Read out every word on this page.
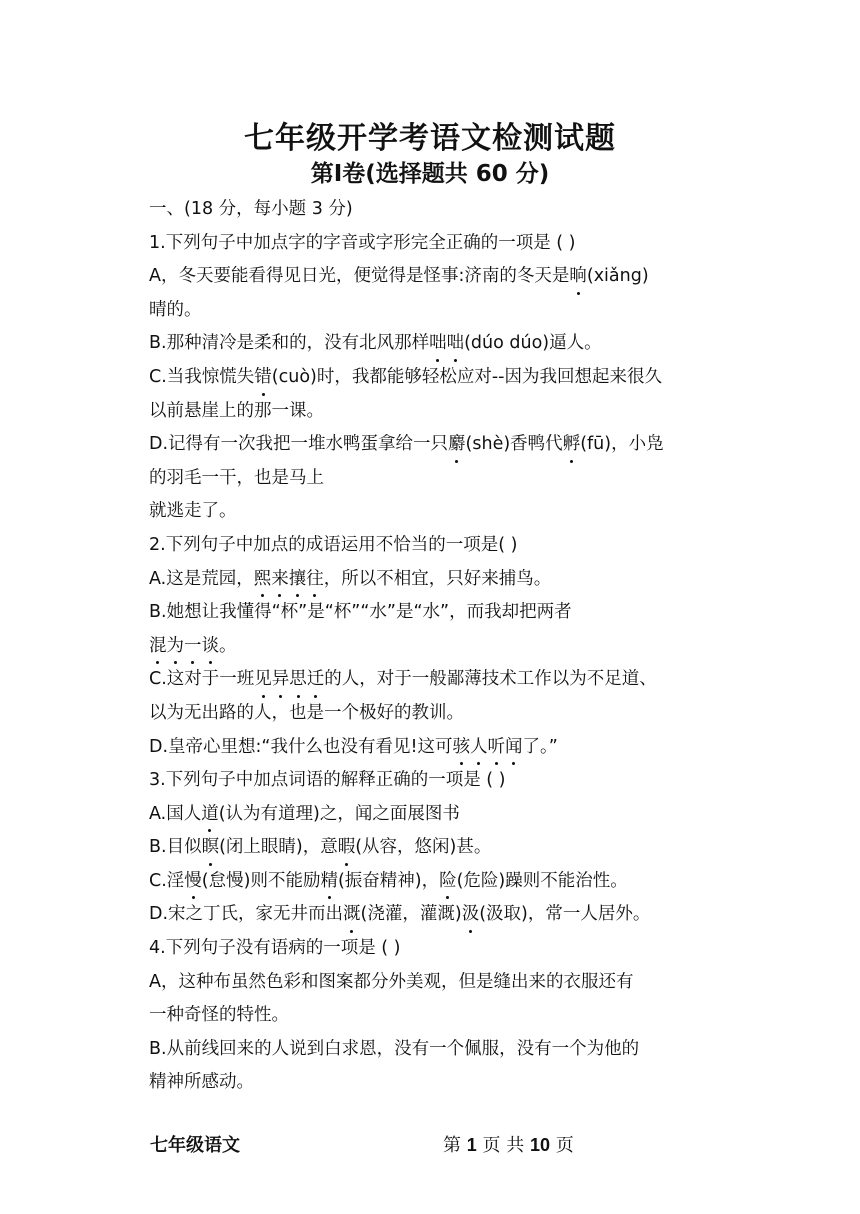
七年级开学考语文检测试题
第Ⅰ卷(选择题共 60 分)
一、(18 分，每小题 3 分)
1.下列句子中加点字的字音或字形完全正确的一项是 ( )
A，冬天要能看得见日光，便觉得是怪事:济南的冬天是晌(xiǎng)
晴的。
B.那种清冷是柔和的，没有北风那样咄咄(dúo dúo)逼人。
C.当我惊慌失错(cuò)时，我都能够轻松应对--因为我回想起来很久
以前悬崖上的那一课。
D.记得有一次我把一堆水鸭蛋拿给一只麝(shè)香鸭代孵(fū)，小凫
的羽毛一干，也是马上
就逃走了。
2.下列句子中加点的成语运用不恰当的一项是( )
A.这是荒园，熙来攘往，所以不相宜，只好来捕鸟。
B.她想让我懂得“杯”是“杯”“水”是“水”，而我却把两者
混为一谈。
C.这对于一班见异思迁的人，对于一般鄙薄技术工作以为不足道、
以为无出路的人，也是一个极好的教训。
D.皇帝心里想:“我什么也没有看见!这可骇人听闻了。”
3.下列句子中加点词语的解释正确的一项是 ( )
A.国人道(认为有道理)之，闻之面展图书
B.目似瞑(闭上眼睛)，意暇(从容，悠闲)甚。
C.淫慢(怠慢)则不能励精(振奋精神)，险(危险)躁则不能治性。
D.宋之丁氏，家无井而出溉(浇灌，灌溉)汲(汲取)，常一人居外。
4.下列句子没有语病的一项是 ( )
A，这种布虽然色彩和图案都分外美观，但是缝出来的衣服还有
一种奇怪的特性。
B.从前线回来的人说到白求恩，没有一个佩服，没有一个为他的
精神所感动。
七年级语文	第 1 页 共 10 页
